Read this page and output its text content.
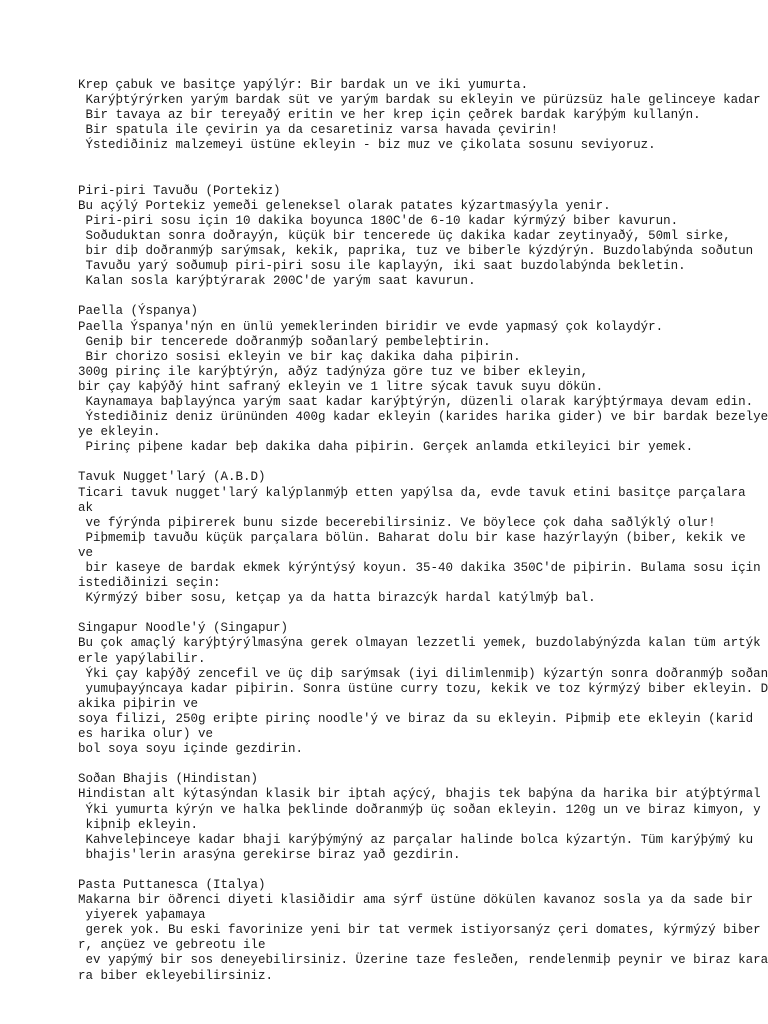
Krep çabuk ve basitçe yapýlýr: Bir bardak un ve iki yumurta.
Karýþtýrýrken yarým bardak süt ve yarým bardak su ekleyin ve pürüzsüz hale gelinceye kadar
Bir tavaya az bir tereyaðý eritin ve her krep için çeðrek bardak karýþým kullanýn.
Bir spatula ile çevirin ya da cesaretiniz varsa havada çevirin!
Ýstediðiniz malzemeyi üstüne ekleyin - biz muz ve çikolata sosunu seviyoruz.
Piri-piri Tavuðu (Portekiz)
Bu açýlý Portekiz yemeði geleneksel olarak patates kýzartmasýyla yenir.
Piri-piri sosu için 10 dakika boyunca 180C'de 6-10 kadar kýrmýzý biber kavurun.
Soðuduktan sonra doðrayýn, küçük bir tencerede üç dakika kadar zeytinyaðý, 50ml sirke,
bir diþ doðranmýþ sarýmsak, kekik, paprika, tuz ve biberle kýzdýrýn. Buzdolabýnda soðutun
Tavuðu yarý soðumuþ piri-piri sosu ile kaplayýn, iki saat buzdolabýnda bekletin.
Kalan sosla karýþtýrarak 200C'de yarým saat kavurun.
Paella (Ýspanya)
Paella Ýspanya'nýn en ünlü yemeklerinden biridir ve evde yapmasý çok kolaydýr.
Geniþ bir tencerede doðranmýþ soðanlarý pembeleþtirin.
Bir chorizo sosisi ekleyin ve bir kaç dakika daha piþirin.
300g pirinç ile karýþtýrýn, aðýz tadýnýza göre tuz ve biber ekleyin,
bir çay kaþýðý hint safraný ekleyin ve 1 litre sýcak tavuk suyu dökün.
Kaynamaya baþlayýnca yarým saat kadar karýþtýrýn, düzenli olarak karýþtýrmaya devam edin.
Ýstediðiniz deniz ürününden 400g kadar ekleyin (karides harika gider) ve bir bardak bezelye
ye ekleyin.
Pirinç piþene kadar beþ dakika daha piþirin. Gerçek anlamda etkileyici bir yemek.
Tavuk Nugget'larý (A.B.D)
Ticari tavuk nugget'larý kalýplanmýþ etten yapýlsa da, evde tavuk etini basitçe parçalara
ak
ve fýrýnda piþirerek bunu sizde becerebilirsiniz. Ve böylece çok daha saðlýklý olur!
Piþmemiþ tavuðu küçük parçalara bölün. Baharat dolu bir kase hazýrlayýn (biber, kekik ve
ve
bir kaseye de bardak ekmek kýrýntýsý koyun. 35-40 dakika 350C'de piþirin. Bulama sosu için
istediðinizi seçin:
Kýrmýzý biber sosu, ketçap ya da hatta birazcýk hardal katýlmýþ bal.
Singapur Noodle'ý (Singapur)
Bu çok amaçlý karýþtýrýlmasýna gerek olmayan lezzetli yemek, buzdolabýnýzda kalan tüm artýk
erle yapýlabilir.
Ýki çay kaþýðý zencefil ve üç diþ sarýmsak (iyi dilimlenmiþ) kýzartýn sonra doðranmýþ soðan
yumuþayýncaya kadar piþirin. Sonra üstüne curry tozu, kekik ve toz kýrmýzý biber ekleyin. D
akika piþirin ve
soya filizi, 250g eriþte pirinç noodle'ý ve biraz da su ekleyin. Piþmiþ ete ekleyin (karid
es harika olur) ve
bol soya soyu içinde gezdirin.
Soðan Bhajis (Hindistan)
Hindistan alt kýtasýndan klasik bir iþtah açýcý, bhajis tek baþýna da harika bir atýþtýrmal
Ýki yumurta kýrýn ve halka þeklinde doðranmýþ üç soðan ekleyin. 120g un ve biraz kimyon, y
kiþniþ ekleyin.
Kahveleþinceye kadar bhaji karýþýmýný az parçalar halinde bolca kýzartýn. Tüm karýþýmý ku
bhajis'lerin arasýna gerekirse biraz yað gezdirin.
Pasta Puttanesca (Italya)
Makarna bir öðrenci diyeti klasiðidir ama sýrf üstüne dökülen kavanoz sosla ya da sade bir
yiyerek yaþamaya
gerek yok. Bu eski favorinize yeni bir tat vermek istiyorsanýz çeri domates, kýrmýzý biber
r, ançüez ve gebreotu ile
ev yapýmý bir sos deneyebilirsiniz. Üzerine taze fesleðen, rendelenmiþ peynir ve biraz kara
ra biber ekleyebilirsiniz.
